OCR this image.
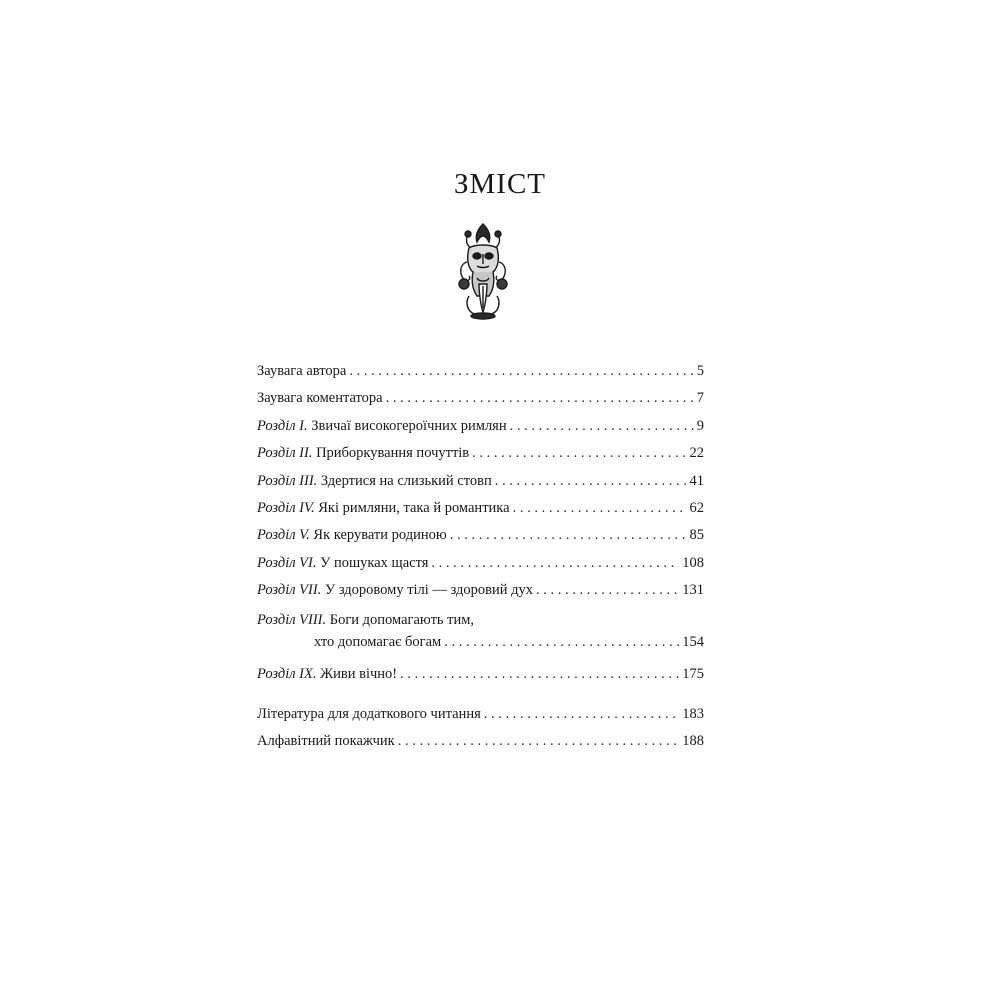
ЗМІСТ
Заувага автора . . .	5
Заувага коментатора . . .	7
Розділ I. Звичаї високогероїчних римлян . . .	9
Розділ II. Приборкування почуттів . . .	22
Розділ III. Здертися на слизький стовп . . .	41
Розділ IV. Які римляни, така й романтика . . .	62
Розділ V. Як керувати родиною . . .	85
Розділ VI. У пошуках щастя . . .	108
Розділ VII. У здоровому тілі — здоровий дух . . .	131
Розділ VIII. Боги допомагають тим,
хто допомагає богам . . .	154
Розділ IX. Живи вічно! . . .	175
Література для додаткового читання . . .	183
Алфавітний покажчик . . .	188
